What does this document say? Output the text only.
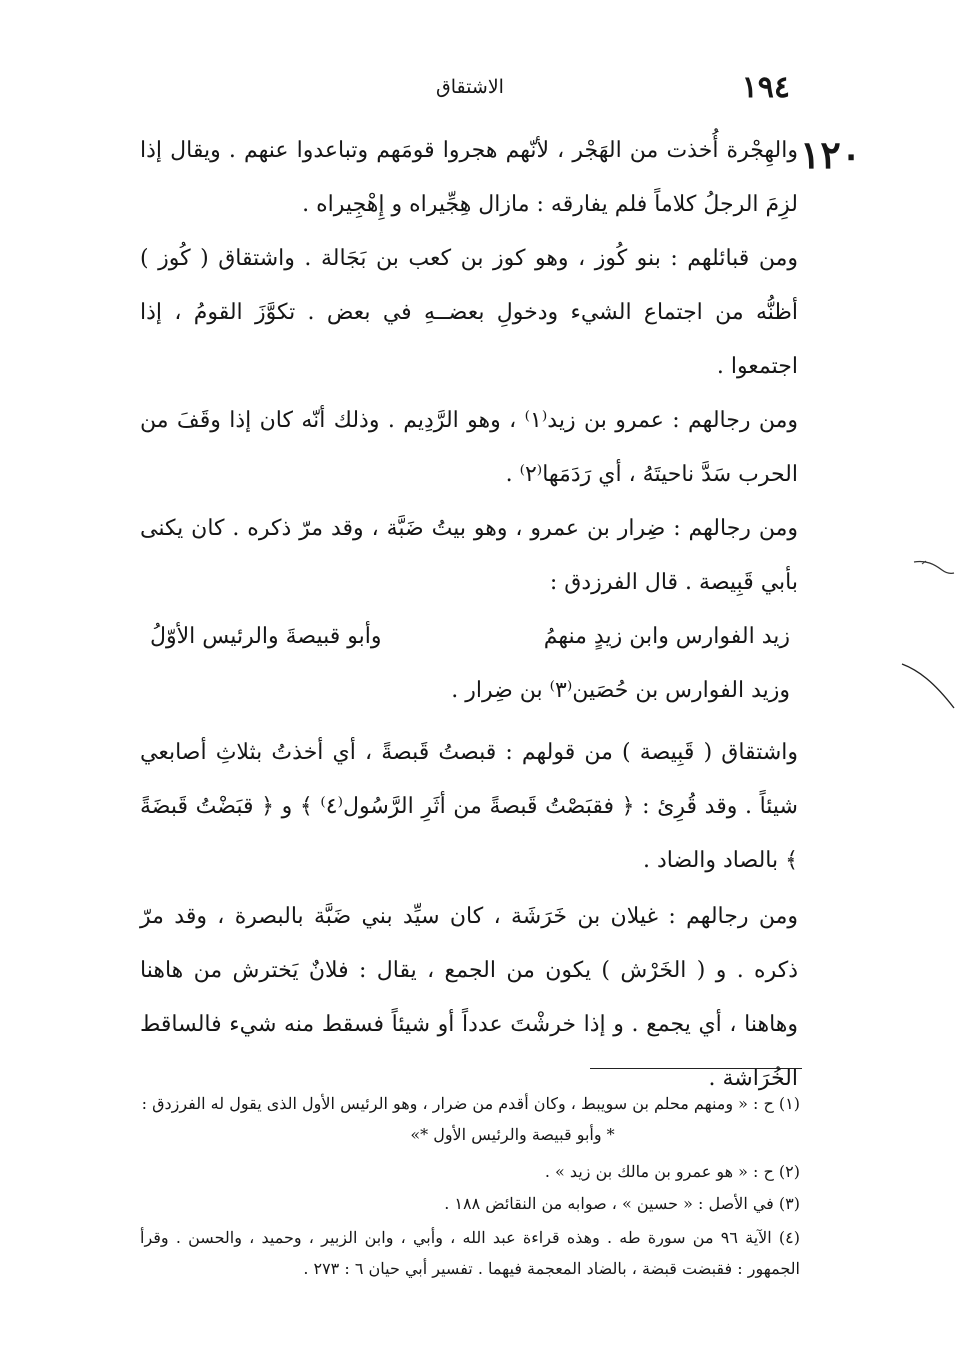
١٩٤
الاشتقاق
١٢٠

والهِجْرة أُخذت من الهَجْر ، لأنّهم هجروا قومَهم وتباعدوا عنهم . ويقال إذا لزِمَ الرجلُ كلاماً فلم يفارقه : مازال هِجِّيراه و إِهْجِيراه .

ومن قبائلهم : بنو كُوز ، وهو كوز بن كعب بن بَجَالة . واشتقاق ( كُوز ) أظنُّه من اجتماع الشيء ودخولِ بعضــهِ في بعض . تكوَّزَ القومُ ، إذا اجتمعوا .

ومن رجالهم : عمرو بن زيد⁽١⁾ ، وهو الرَّدِيم . وذلك أنّه كان إذا وقَفَ من الحرب سَدَّ ناحيتَهُ ، أي رَدَمَها⁽٢⁾ .

ومن رجالهم : ضِرار بن عمرو ، وهو بيتُ ضَبَّة ، وقد مرّ ذكره . كان يكنى بأبي قَبِيصة . قال الفرزدق :

زيد الفوارس وابن زيدٍ منهمُ
وأبو قبيصةَ والرئيس الأوّلُ
وزيد الفوارس بن حُصَين⁽٣⁾ بن ضِرار .

واشتقاق ( قَبِيصة ) من قولهم : قبصتُ قَبصةً ، أي أخذتُ بثلاثِ أصابعي شيئاً . وقد قُرِئ : ﴿ فقبَصْتُ قَبصةً من أثَرِ الرَّسُول⁽٤⁾ ﴾ و ﴿ قبَضْتُ قَبضَةً ﴾ بالصاد والضاد .

ومن رجالهم : غيلان بن خَرَشَة ، كان سيِّد بني ضَبَّة بالبصرة ، وقد مرّ ذكره . و ( الخَرْش ) يكون من الجمع ، يقال : فلانٌ يَخترش من هاهنا وهاهنا ، أي يجمع . و إذا خرشْتَ عدداً أو شيئاً فسقط منه شيء فالساقط الخُرَاشة .

(١) ح : « ومنهم محلم بن سويبط ، وكان أقدم من ضرار ، وهو الرئيس الأول الذى يقول له الفرزدق :

* وأبو قبيصة والرئيس الأول *»

(٢) ح : « هو عمرو بن مالك بن زيد » .

(٣) في الأصل : « حسين » ، صوابه من النقائض ١٨٨ .

(٤) الآية ٩٦ من سورة طه . وهذه قراءة عبد الله ، وأبي ، وابن الزبير ، وحميد ، والحسن . وقرأ الجمهور : فقبضت قبضة ، بالضاد المعجمة فيهما . تفسير أبي حيان ٦ : ٢٧٣ .
